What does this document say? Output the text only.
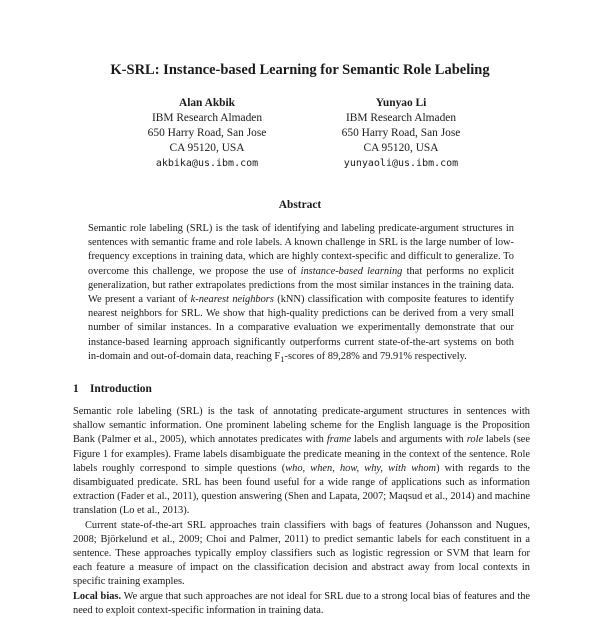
K-SRL: Instance-based Learning for Semantic Role Labeling
Alan Akbik
IBM Research Almaden
650 Harry Road, San Jose
CA 95120, USA
akbika@us.ibm.com
Yunyao Li
IBM Research Almaden
650 Harry Road, San Jose
CA 95120, USA
yunyaoli@us.ibm.com
Abstract
Semantic role labeling (SRL) is the task of identifying and labeling predicate-argument structures in sentences with semantic frame and role labels. A known challenge in SRL is the large number of low-frequency exceptions in training data, which are highly context-specific and difficult to generalize. To overcome this challenge, we propose the use of instance-based learning that performs no explicit generalization, but rather extrapolates predictions from the most similar instances in the training data. We present a variant of k-nearest neighbors (kNN) classification with composite features to identify nearest neighbors for SRL. We show that high-quality predictions can be derived from a very small number of similar instances. In a comparative evaluation we experimentally demonstrate that our instance-based learning approach significantly outperforms current state-of-the-art systems on both in-domain and out-of-domain data, reaching $F_1$-scores of 89,28% and 79.91% respectively.
1 Introduction

Semantic role labeling (SRL) is the task of annotating predicate-argument structures in sentences with shallow semantic information. One prominent labeling scheme for the English language is the Proposition Bank (Palmer et al., 2005), which annotates predicates with frame labels and arguments with role labels (see Figure 1 for examples). Frame labels disambiguate the predicate meaning in the context of the sentence. Role labels roughly correspond to simple questions (who, when, how, why, with whom) with regards to the disambiguated predicate. SRL has been found useful for a wide range of applications such as information extraction (Fader et al., 2011), question answering (Shen and Lapata, 2007; Maqsud et al., 2014) and machine translation (Lo et al., 2013).

Current state-of-the-art SRL approaches train classifiers with bags of features (Johansson and Nugues, 2008; Björkelund et al., 2009; Choi and Palmer, 2011) to predict semantic labels for each constituent in a sentence. These approaches typically employ classifiers such as logistic regression or SVM that learn for each feature a measure of impact on the classification decision and abstract away from local contexts in specific training examples.

Local bias. We argue that such approaches are not ideal for SRL due to a strong local bias of features and the need to exploit context-specific information in training data.
